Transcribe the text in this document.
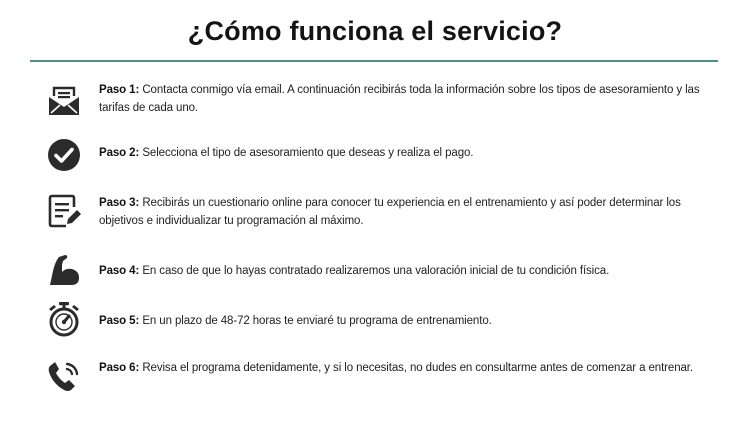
¿Cómo funciona el servicio?
Paso 1: Contacta conmigo vía email. A continuación recibirás toda la información sobre los tipos de asesoramiento y las tarifas de cada uno.
Paso 2: Selecciona el tipo de asesoramiento que deseas y realiza el pago.
Paso 3: Recibirás un cuestionario online para conocer tu experiencia en el entrenamiento y así poder determinar los objetivos e individualizar tu programación al máximo.
Paso 4: En caso de que lo hayas contratado realizaremos una valoración inicial de tu condición física.
Paso 5: En un plazo de 48-72 horas te enviaré tu programa de entrenamiento.
Paso 6: Revisa el programa detenidamente, y si lo necesitas, no dudes en consultarme antes de comenzar a entrenar.
